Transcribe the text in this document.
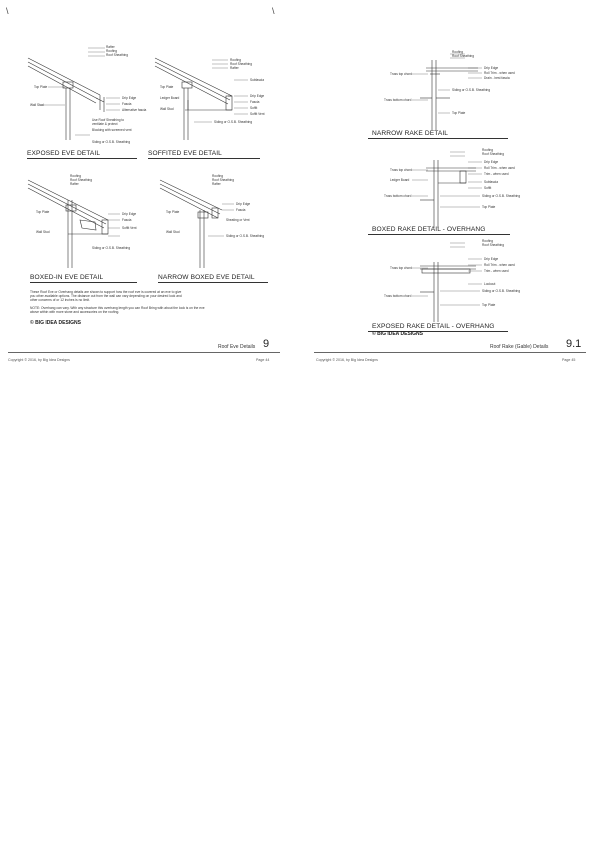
\
Rafter
Roofing
Roof Sheathing
Top Plate
Drip Edge
Fascia
Alternative fascia
Wall Stud
Use Roof Sheathing to
ventilate & protect
Blocking with screened vent
Siding or O.S.B. Sheathing
Roofing
Roof Sheathing
Rafter
Subfascia
Top Plate
Drip Edge
Ledger Board
Fascia
Soffit
Wall Stud
Soffit Vent
Siding or O.S.B. Sheathing
Roofing
Roof Sheathing
Rafter
Top Plate	Drip Edge
Fascia
Wall Stud
Soffit Vent
Siding or O.S.B. Sheathing
Roofing
Roof Sheathing
Rafter
Drip Edge
Fascia
Top Plate
Wall Stud
Sheating or Vent
Siding or O.S.B. Sheathing
EXPOSED EVE DETAIL	SOFFITED EVE DETAIL
BOXED-IN EVE DETAIL	NARROW BOXED EVE DETAIL
These Roof Eve or Overhang details are shown to support how the roof eve is covered at an eve to give
you other available options. The distance out from the wall can vary depending on your desired look and
other concerns of or 12 inches is no limit.
NOTE: Overhang can vary. With any structure this overhang length you can Roof Bring with about the look is on the eve
above within with more stone and accessories on the roofing.
© BIG IDEA DESIGNS
Roof Eve Details 9
Copyright © 2016, by Big Idea Designs	Page 44
\
Roofing
Roof Sheathing
Drip Edge
Roll Trim - when used
Drain - best fascia
Truss top chord
Siding or O.S.B. Sheathing
Truss bottom chord
Top Plate
Roofing
Roof Sheathing
Drip Edge
Roll Trim - when used
Trim - when used
Truss top chord
Ledger Board	Subfascia
Soffit
Truss bottom chord	Siding or O.S.B. Sheathing
Top Plate
Roofing
Roof Sheathing
Drip Edge
Roll Trim - when used
Trim - when used
Truss top chord
Lookout
Siding or O.S.B. Sheathing
Truss bottom chord
Top Plate
NARROW RAKE DETAIL
BOXED RAKE DETAIL - OVERHANG
EXPOSED RAKE DETAIL - OVERHANG
© BIG IDEA DESIGNS
Roof Rake (Gable) Details 9.1
Copyright © 2016, by Big Idea Designs	Page 45
